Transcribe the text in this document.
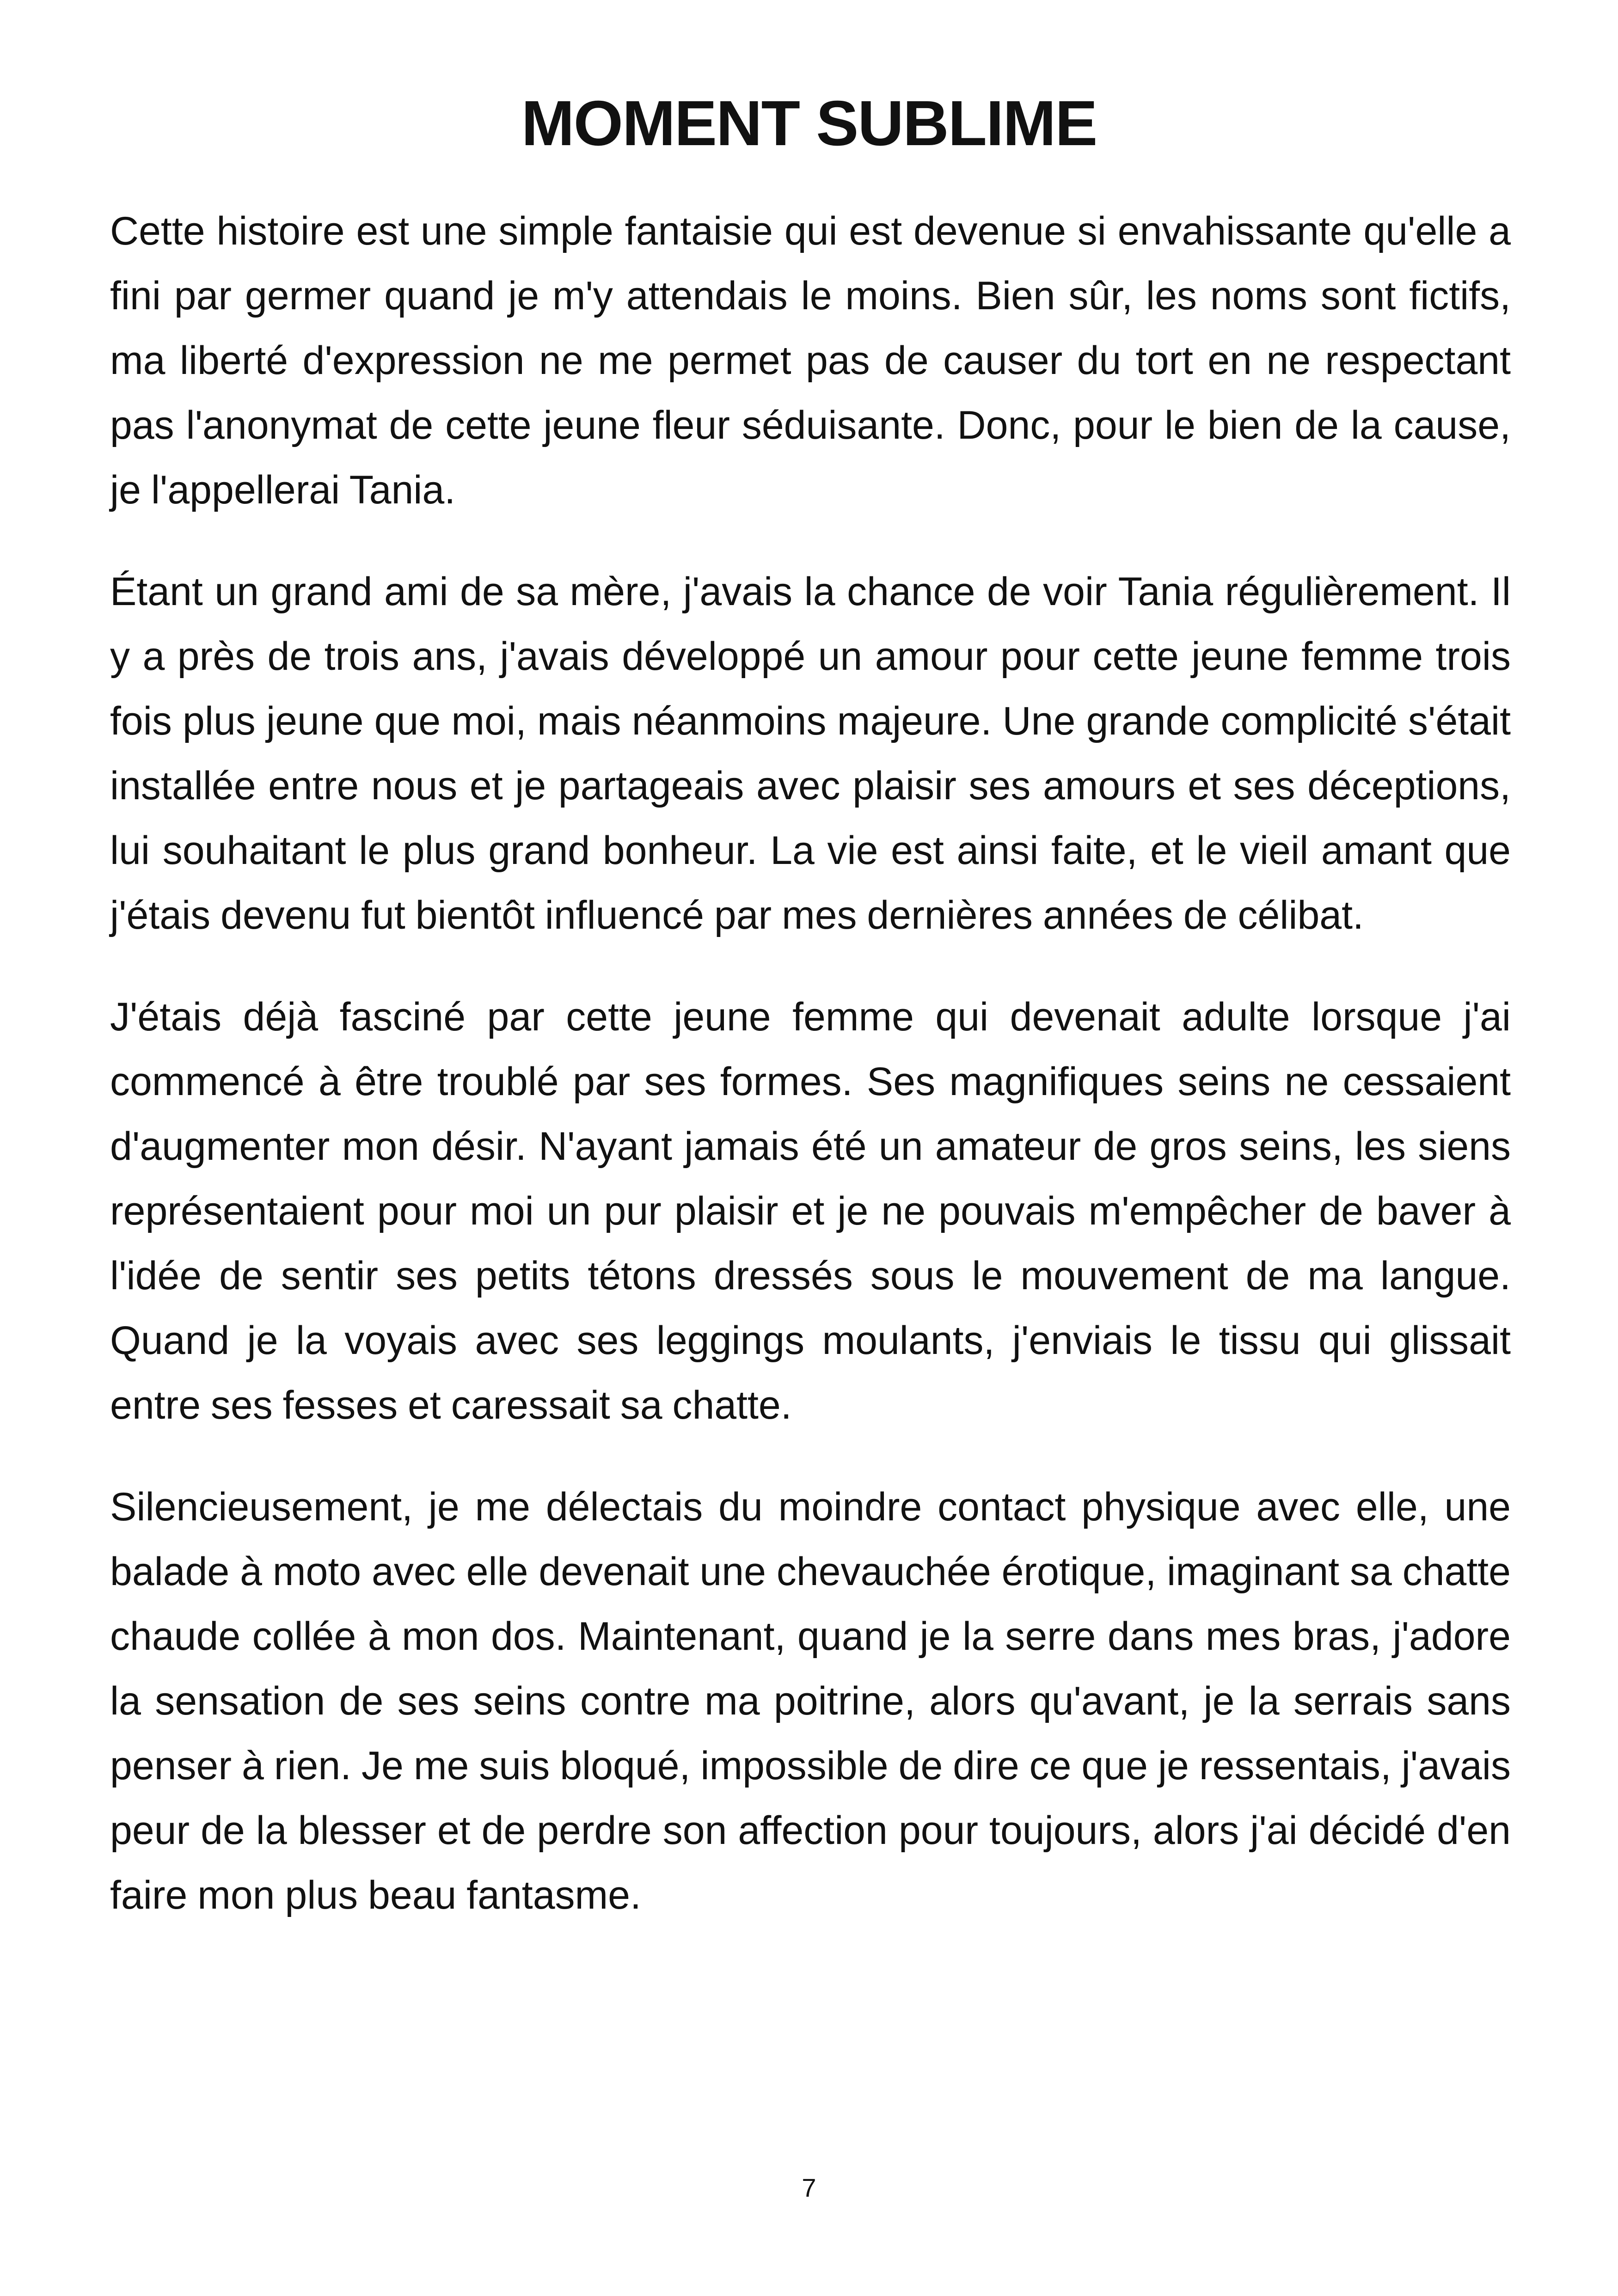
MOMENT SUBLIME

Cette histoire est une simple fantaisie qui est devenue si envahissante qu'elle a fini par germer quand je m'y attendais le moins. Bien sûr, les noms sont fictifs, ma liberté d'expression ne me permet pas de causer du tort en ne respectant pas l'anonymat de cette jeune fleur séduisante. Donc, pour le bien de la cause, je l'appellerai Tania.

Étant un grand ami de sa mère, j'avais la chance de voir Tania régulièrement. Il y a près de trois ans, j'avais développé un amour pour cette jeune femme trois fois plus jeune que moi, mais néanmoins majeure. Une grande complicité s'était installée entre nous et je partageais avec plaisir ses amours et ses déceptions, lui souhaitant le plus grand bonheur. La vie est ainsi faite, et le vieil amant que j'étais devenu fut bientôt influencé par mes dernières années de célibat.

J'étais déjà fasciné par cette jeune femme qui devenait adulte lorsque j'ai commencé à être troublé par ses formes. Ses magnifiques seins ne cessaient d'augmenter mon désir. N'ayant jamais été un amateur de gros seins, les siens représentaient pour moi un pur plaisir et je ne pouvais m'empêcher de baver à l'idée de sentir ses petits tétons dressés sous le mouvement de ma langue. Quand je la voyais avec ses leggings moulants, j'enviais le tissu qui glissait entre ses fesses et caressait sa chatte.

Silencieusement, je me délectais du moindre contact physique avec elle, une balade à moto avec elle devenait une chevauchée érotique, imaginant sa chatte chaude collée à mon dos. Maintenant, quand je la serre dans mes bras, j'adore la sensation de ses seins contre ma poitrine, alors qu'avant, je la serrais sans penser à rien. Je me suis bloqué, impossible de dire ce que je ressentais, j'avais peur de la blesser et de perdre son affection pour toujours, alors j'ai décidé d'en faire mon plus beau fantasme.

7
